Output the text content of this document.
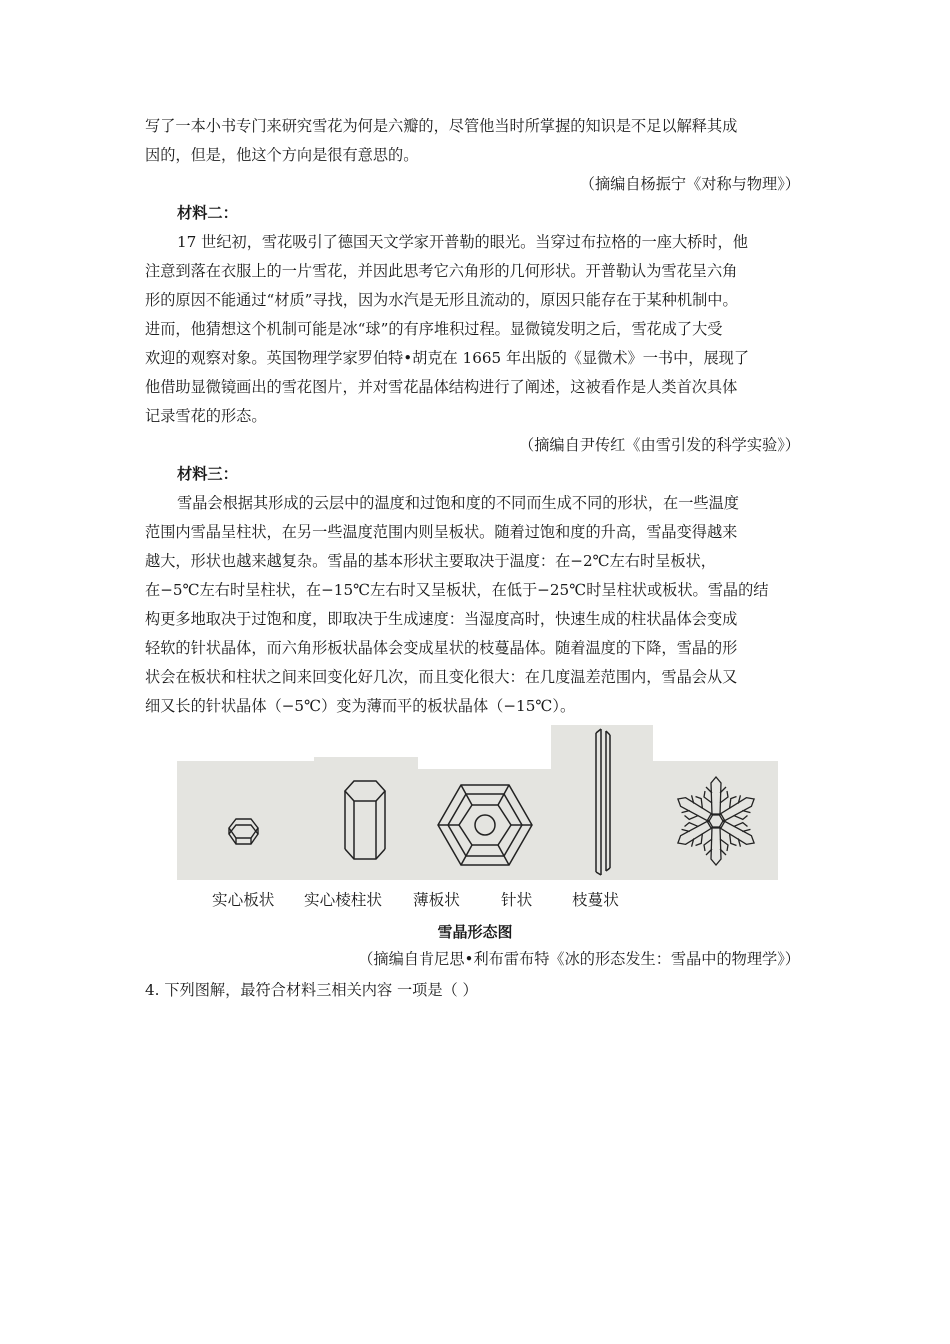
写了一本小书专门来研究雪花为何是六瓣的，尽管他当时所掌握的知识是不足以解释其成
因的，但是，他这个方向是很有意思的。
（摘编自杨振宁《对称与物理》）
材料二：
17 世纪初，雪花吸引了德国天文学家开普勒的眼光。当穿过布拉格的一座大桥时，他
注意到落在衣服上的一片雪花，并因此思考它六角形的几何形状。开普勒认为雪花呈六角
形的原因不能通过“材质”寻找，因为水汽是无形且流动的，原因只能存在于某种机制中。
进而，他猜想这个机制可能是冰“球”的有序堆积过程。显微镜发明之后，雪花成了大受
欢迎的观察对象。英国物理学家罗伯特•胡克在 1665 年出版的《显微术》一书中，展现了
他借助显微镜画出的雪花图片，并对雪花晶体结构进行了阐述，这被看作是人类首次具体
记录雪花的形态。
（摘编自尹传红《由雪引发的科学实验》）
材料三：
雪晶会根据其形成的云层中的温度和过饱和度的不同而生成不同的形状，在一些温度
范围内雪晶呈柱状，在另一些温度范围内则呈板状。随着过饱和度的升高，雪晶变得越来
越大，形状也越来越复杂。雪晶的基本形状主要取决于温度：在−2℃左右时呈板状，
在−5℃左右时呈柱状，在−15℃左右时又呈板状，在低于−25℃时呈柱状或板状。雪晶的结
构更多地取决于过饱和度，即取决于生成速度：当湿度高时，快速生成的柱状晶体会变成
轻软的针状晶体，而六角形板状晶体会变成星状的枝蔓晶体。随着温度的下降，雪晶的形
状会在板状和柱状之间来回变化好几次，而且变化很大：在几度温差范围内，雪晶会从又
细又长的针状晶体（−5℃）变为薄而平的板状晶体（−15℃）。
实心板状 实心棱柱状 薄板状	针状	枝蔓状
雪晶形态图
（摘编自肯尼思•利布雷布特《冰的形态发生：雪晶中的物理学》）
4. 下列图解，最符合材料三相关内容 一项是（ ）
